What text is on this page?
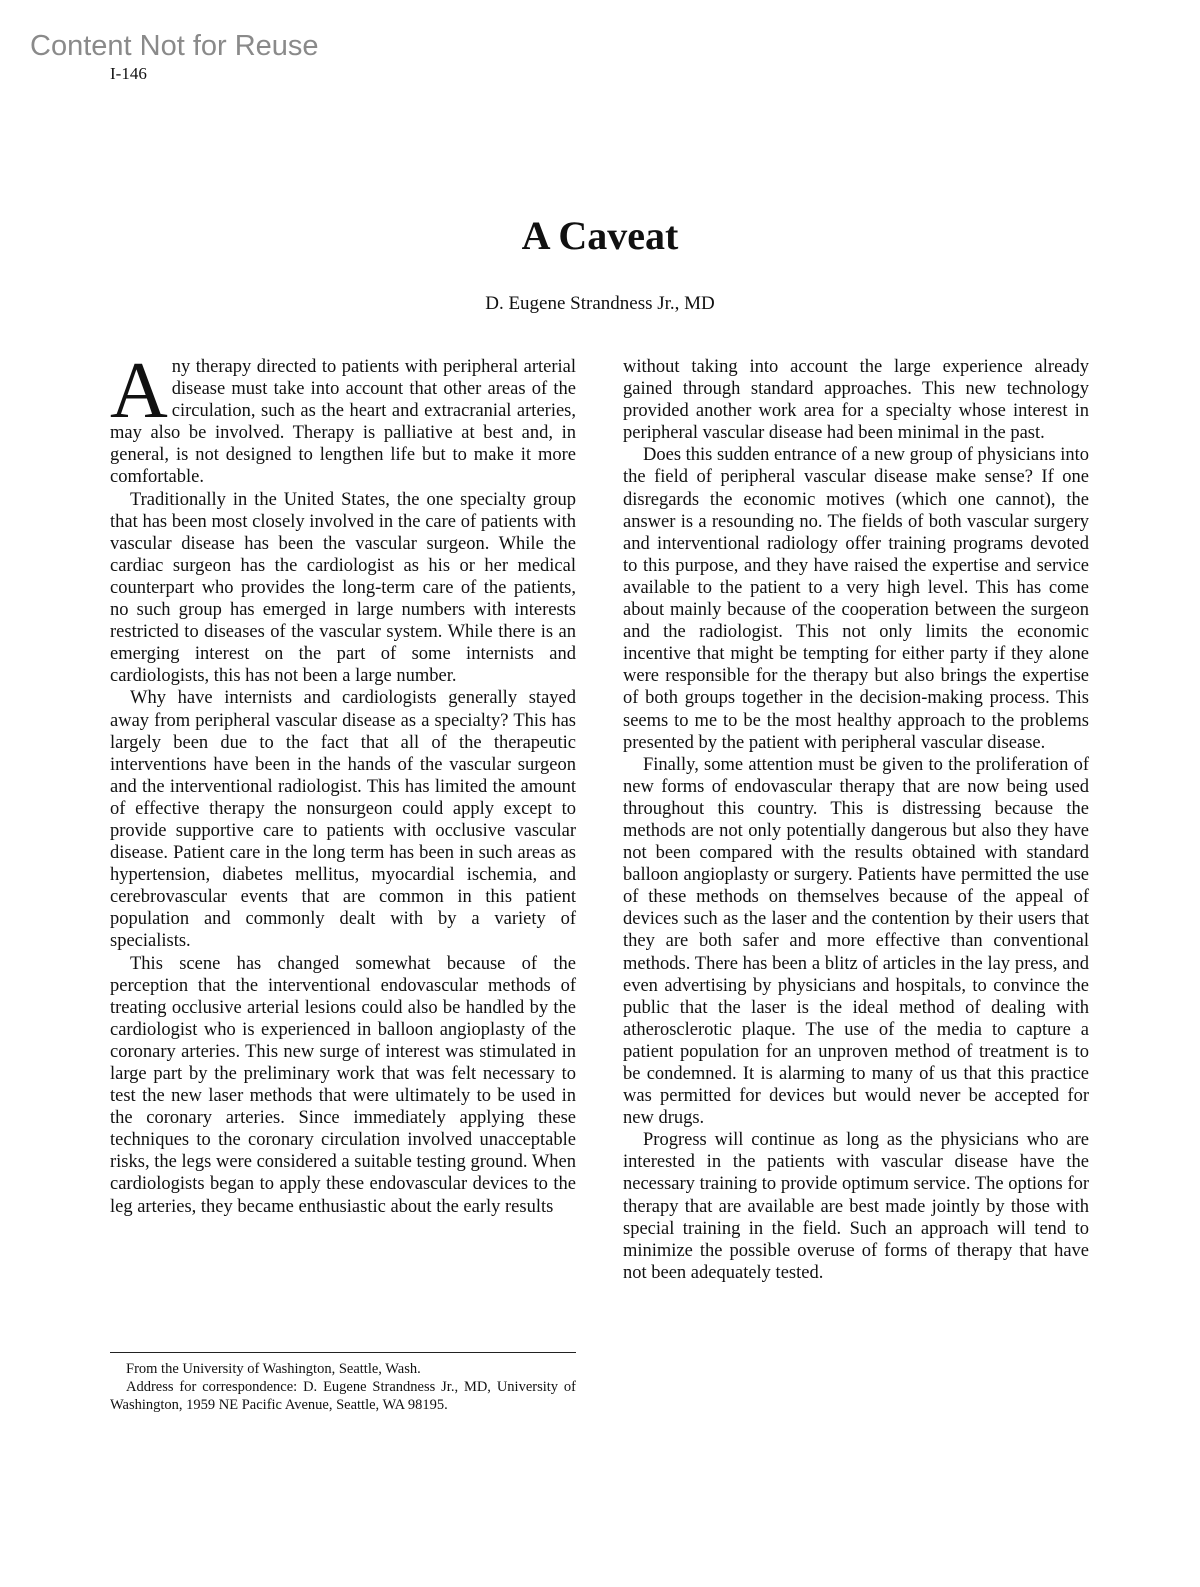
Content Not for Reuse
I-146
A Caveat
D. Eugene Strandness Jr., MD

Any therapy directed to patients with peripheral arterial disease must take into account that other areas of the circulation, such as the heart and extracranial arteries, may also be involved. Therapy is palliative at best and, in general, is not designed to lengthen life but to make it more comfortable.

Traditionally in the United States, the one specialty group that has been most closely involved in the care of patients with vascular disease has been the vascular surgeon. While the cardiac surgeon has the cardiologist as his or her medical counterpart who provides the long-term care of the patients, no such group has emerged in large numbers with interests restricted to diseases of the vascular system. While there is an emerging interest on the part of some internists and cardiologists, this has not been a large number.

Why have internists and cardiologists generally stayed away from peripheral vascular disease as a specialty? This has largely been due to the fact that all of the therapeutic interventions have been in the hands of the vascular surgeon and the interventional radiologist. This has limited the amount of effective therapy the nonsurgeon could apply except to provide supportive care to patients with occlusive vascular disease. Patient care in the long term has been in such areas as hypertension, diabetes mellitus, myocardial ischemia, and cerebrovascular events that are common in this patient population and commonly dealt with by a variety of specialists.

This scene has changed somewhat because of the perception that the interventional endovascular methods of treating occlusive arterial lesions could also be handled by the cardiologist who is experienced in balloon angioplasty of the coronary arteries. This new surge of interest was stimulated in large part by the preliminary work that was felt necessary to test the new laser methods that were ultimately to be used in the coronary arteries. Since immediately applying these techniques to the coronary circulation involved unacceptable risks, the legs were considered a suitable testing ground. When cardiologists began to apply these endovascular devices to the leg arteries, they became enthusiastic about the early results

without taking into account the large experience already gained through standard approaches. This new technology provided another work area for a specialty whose interest in peripheral vascular disease had been minimal in the past.

Does this sudden entrance of a new group of physicians into the field of peripheral vascular disease make sense? If one disregards the economic motives (which one cannot), the answer is a resounding no. The fields of both vascular surgery and interventional radiology offer training programs devoted to this purpose, and they have raised the expertise and service available to the patient to a very high level. This has come about mainly because of the cooperation between the surgeon and the radiologist. This not only limits the economic incentive that might be tempting for either party if they alone were responsible for the therapy but also brings the expertise of both groups together in the decision-making process. This seems to me to be the most healthy approach to the problems presented by the patient with peripheral vascular disease.

Finally, some attention must be given to the proliferation of new forms of endovascular therapy that are now being used throughout this country. This is distressing because the methods are not only potentially dangerous but also they have not been compared with the results obtained with standard balloon angioplasty or surgery. Patients have permitted the use of these methods on themselves because of the appeal of devices such as the laser and the contention by their users that they are both safer and more effective than conventional methods. There has been a blitz of articles in the lay press, and even advertising by physicians and hospitals, to convince the public that the laser is the ideal method of dealing with atherosclerotic plaque. The use of the media to capture a patient population for an unproven method of treatment is to be condemned. It is alarming to many of us that this practice was permitted for devices but would never be accepted for new drugs.

Progress will continue as long as the physicians who are interested in the patients with vascular disease have the necessary training to provide optimum service. The options for therapy that are available are best made jointly by those with special training in the field. Such an approach will tend to minimize the possible overuse of forms of therapy that have not been adequately tested.

From the University of Washington, Seattle, Wash.

Address for correspondence: D. Eugene Strandness Jr., MD, University of Washington, 1959 NE Pacific Avenue, Seattle, WA 98195.
